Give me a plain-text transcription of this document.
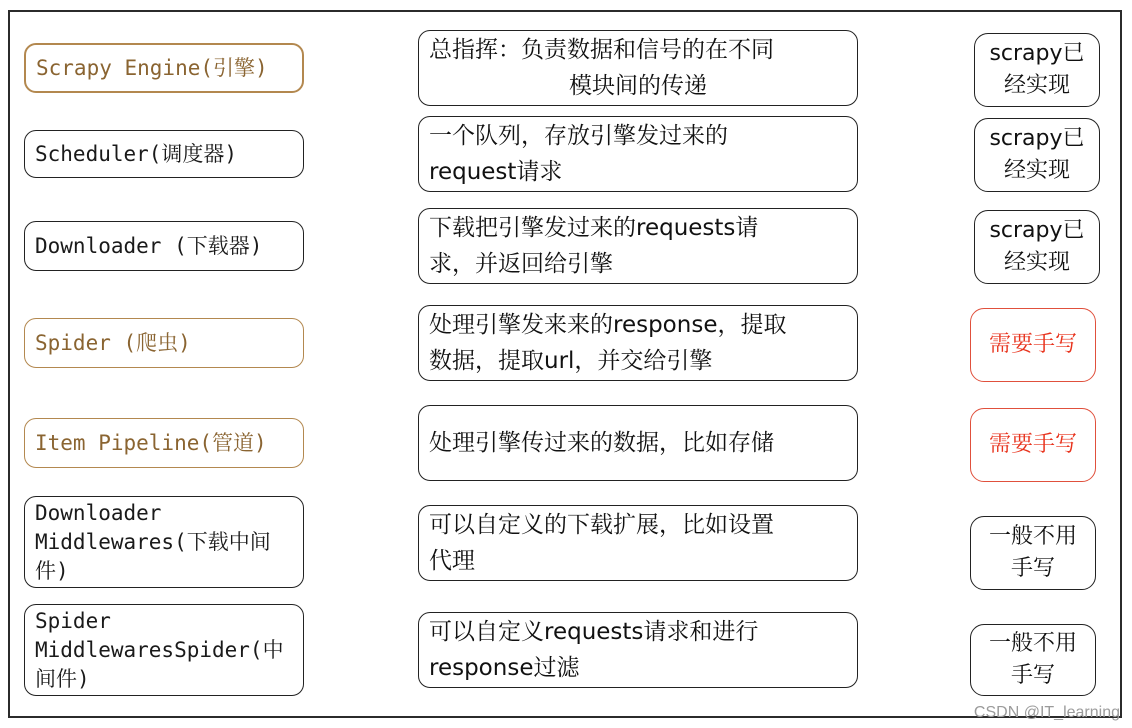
Scrapy Engine(引擎)
总指挥：负责数据和信号的在不同
模块间的传递
scrapy已
经实现
Scheduler(调度器)
一个队列，存放引擎发过来的
request请求
scrapy已
经实现
Downloader (下载器)
下载把引擎发过来的requests请
求，并返回给引擎
scrapy已
经实现
Spider (爬虫)
处理引擎发来来的response，提取
数据，提取url，并交给引擎
需要手写
Item Pipeline(管道)	处理引擎传过来的数据，比如存储	需要手写
Downloader
Middlewares(下载中间
件)
可以自定义的下载扩展，比如设置
代理
一般不用
手写
Spider
MiddlewaresSpider(中
间件)
可以自定义requests请求和进行
response过滤
一般不用
手写
CSDN @IT_learning
